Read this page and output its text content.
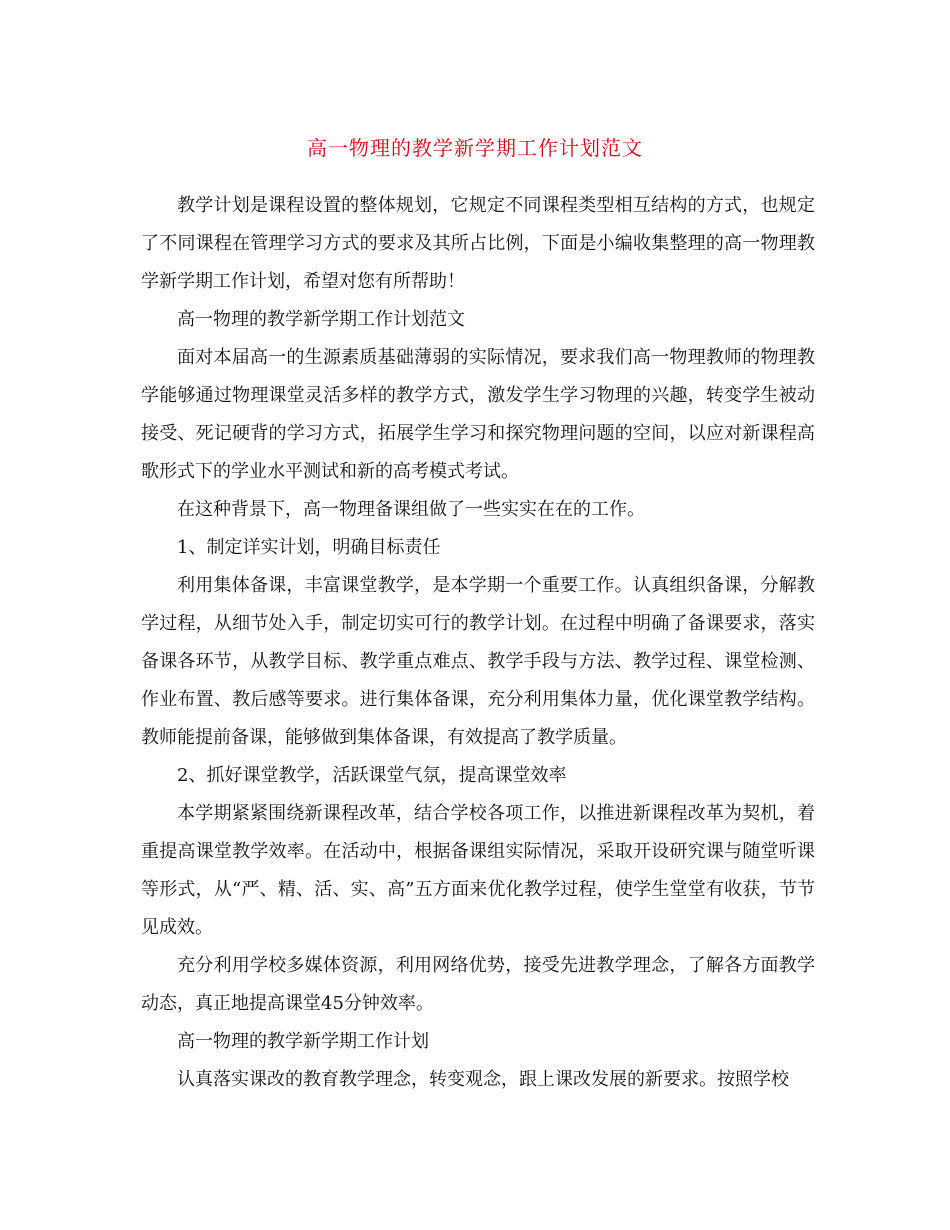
高一物理的教学新学期工作计划范文

教学计划是课程设置的整体规划，它规定不同课程类型相互结构的方式，也规定了不同课程在管理学习方式的要求及其所占比例，下面是小编收集整理的高一物理教学新学期工作计划，希望对您有所帮助！

高一物理的教学新学期工作计划范文

面对本届高一的生源素质基础薄弱的实际情况，要求我们高一物理教师的物理教学能够通过物理课堂灵活多样的教学方式，激发学生学习物理的兴趣，转变学生被动接受、死记硬背的学习方式，拓展学生学习和探究物理问题的空间，以应对新课程高歌形式下的学业水平测试和新的高考模式考试。

在这种背景下，高一物理备课组做了一些实实在在的工作。

1、制定详实计划，明确目标责任

利用集体备课，丰富课堂教学，是本学期一个重要工作。认真组织备课，分解教学过程，从细节处入手，制定切实可行的教学计划。在过程中明确了备课要求，落实备课各环节，从教学目标、教学重点难点、教学手段与方法、教学过程、课堂检测、作业布置、教后感等要求。进行集体备课，充分利用集体力量，优化课堂教学结构。教师能提前备课，能够做到集体备课，有效提高了教学质量。

2、抓好课堂教学，活跃课堂气氛，提高课堂效率

本学期紧紧围绕新课程改革，结合学校各项工作，以推进新课程改革为契机，着重提高课堂教学效率。在活动中，根据备课组实际情况，采取开设研究课与随堂听课等形式，从“严、精、活、实、高”五方面来优化教学过程，使学生堂堂有收获，节节见成效。

充分利用学校多媒体资源，利用网络优势，接受先进教学理念，了解各方面教学动态，真正地提高课堂45分钟效率。

高一物理的教学新学期工作计划

认真落实课改的教育教学理念，转变观念，跟上课改发展的新要求。按照学校
